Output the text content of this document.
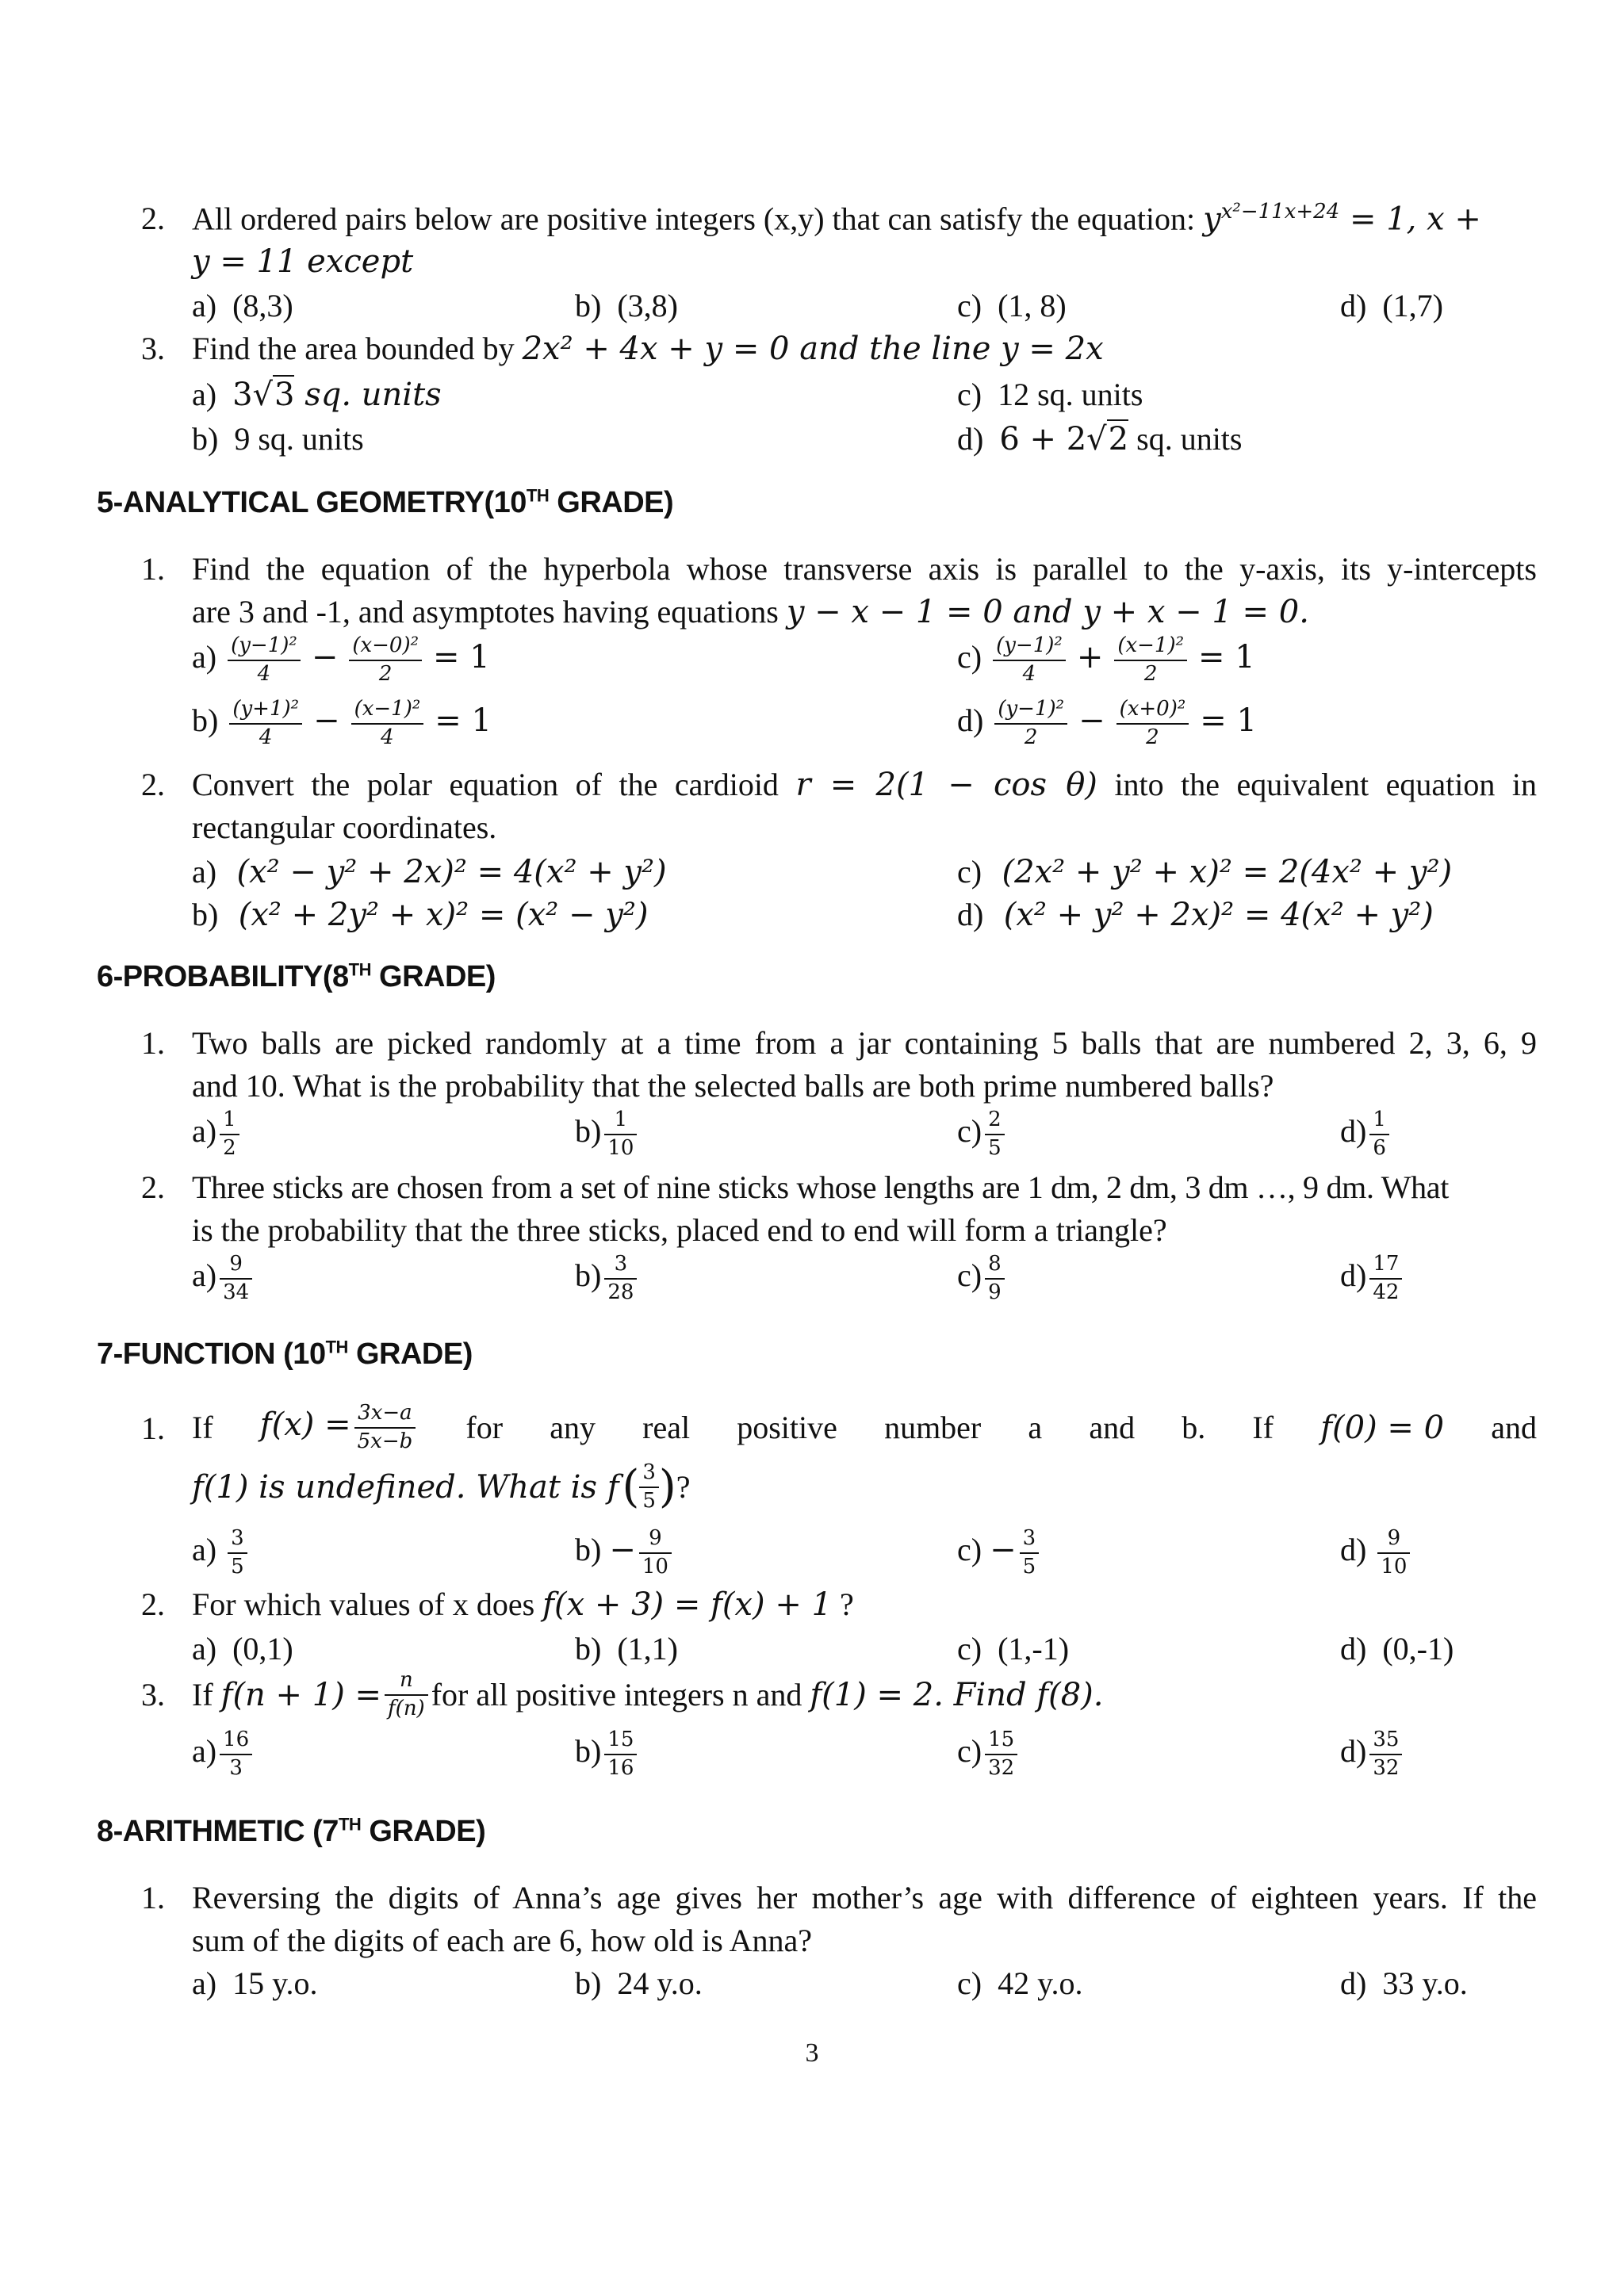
2. All ordered pairs below are positive integers (x,y) that can satisfy the equation: $y^{x^2-11x+24} = 1$, x +
y = 11 except
a) (8,3)	b) (3,8)	c) (1, 8)	d) (1,7)
3. Find the area bounded by 2x² + 4x + y = 0 and the line y = 2x
a) 3√3 sq. units	c) 12 sq. units
b) 9 sq. units	d) 6 + 2√2 sq. units
5-ANALYTICAL GEOMETRY(10TH GRADE)
1. Find the equation of the hyperbola whose transverse axis is parallel to the y-axis, its y-intercepts
are 3 and -1, and asymptotes having equations y − x − 1 = 0 and y + x − 1 = 0.
$a) \frac{\text{(y−1)²}}{4} - \frac{\text{(x−0)²}}{2} = 1$	$c) \frac{\text{(y−1)²}}{4} + \frac{\text{(x−1)²}}{2} = 1$
$b) \frac{\text{(y+1)²}}{4} - \frac{\text{(x−1)²}}{4} = 1$	$d) \frac{\text{(y−1)²}}{2} - \frac{\text{(x+0)²}}{2} = 1$
2. Convert the polar equation of the cardioid r = 2(1 − cos θ) into the equivalent equation in
rectangular coordinates.
a) (x² − y² + 2x)² = 4(x² + y²)	c) (2x² + y² + x)² = 2(4x² + y²)
b) (x² + 2y² + x)² = (x² − y²)	d) (x² + y² + 2x)² = 4(x² + y²)
6-PROBABILITY(8TH GRADE)
1. Two balls are picked randomly at a time from a jar containing 5 balls that are numbered 2, 3, 6, 9
and 10. What is the probability that the selected balls are both prime numbered balls?
$a) \frac{1}{2}$	$b) \frac{1}{10}$	$c) \frac{2}{5}$	$d) \frac{1}{6}$
2. Three sticks are chosen from a set of nine sticks whose lengths are 1 dm, 2 dm, 3 dm …, 9 dm. What
is the probability that the three sticks, placed end to end will form a triangle?
$a) \frac{9}{34}$	$b) \frac{3}{28}$	$c) \frac{8}{9}$	$d) \frac{17}{42}$
7-FUNCTION (10TH GRADE)
1. If $f(x) = \frac{3x-a}{5x-b}$ for any real positive number a and b. If f(0) = 0 and
f(1) is undefined. What is f ( $\frac{3}{5}$ ) ?
$a) \frac{3}{5}$	$b) - \frac{9}{10}$	$c) - \frac{3}{5}$	$d) \frac{9}{10}$
2. For which values of x does f(x + 3) = f(x) + 1 ?
a) (0,1)	b) (1,1)	c) (1,-1)	d) (0,-1)
3. If
$f(n + 1) = \frac{n}{f(n)}$ for all positive integers n and
f(1) = 2. Find f(8).
$a) \frac{16}{3}$	$b) \frac{15}{16}$	$c) \frac{15}{32}$	$d) \frac{35}{32}$
8-ARITHMETIC (7TH GRADE)
1. Reversing the digits of Anna’s age gives her mother’s age with difference of eighteen years. If the
sum of the digits of each are 6, how old is Anna?
a) 15 y.o.	b) 24 y.o.	c) 42 y.o.	d) 33 y.o.
3
